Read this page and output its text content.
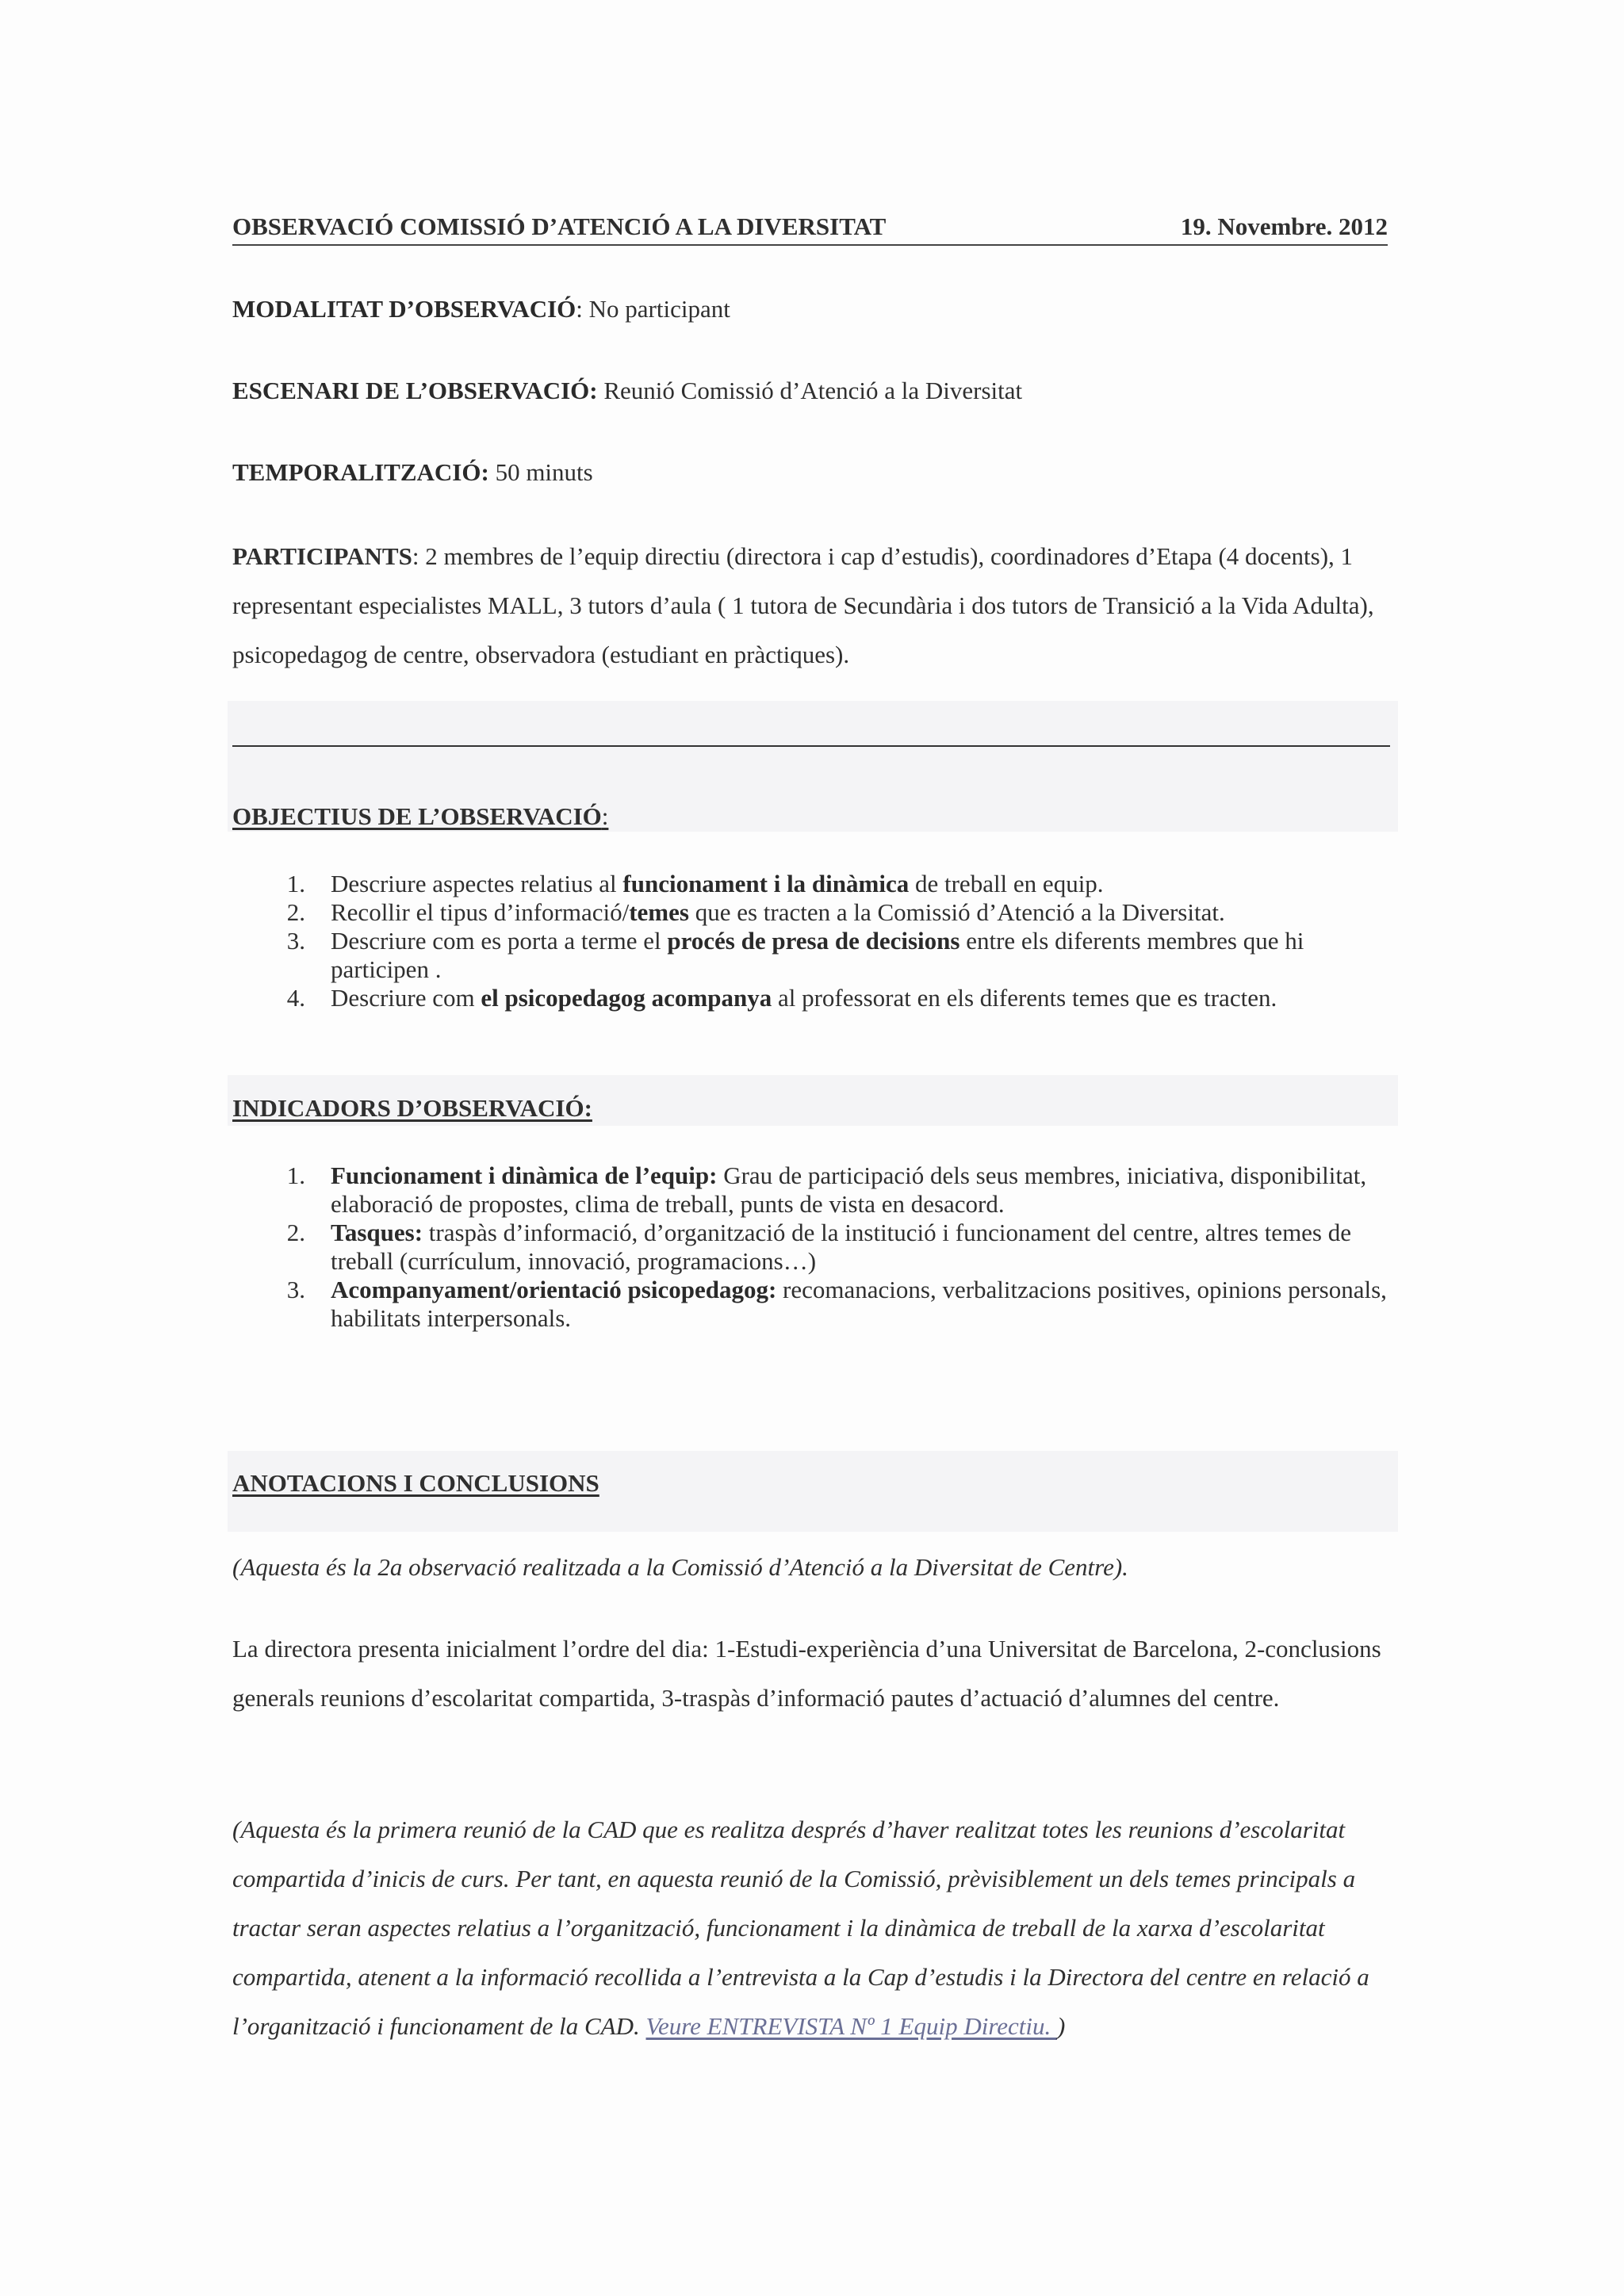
OBSERVACIÓ COMISSIÓ D’ATENCIÓ A LA DIVERSITAT	19. Novembre. 2012
MODALITAT D’OBSERVACIÓ: No participant
ESCENARI DE L’OBSERVACIÓ: Reunió Comissió d’Atenció a la Diversitat
TEMPORALITZACIÓ: 50 minuts
PARTICIPANTS: 2 membres de l’equip directiu (directora i cap d’estudis), coordinadores d’Etapa (4 docents), 1 representant especialistes MALL, 3 tutors d’aula ( 1 tutora de Secundària i dos tutors de Transició a la Vida Adulta), psicopedagog de centre, observadora (estudiant en pràctiques).
OBJECTIUS DE L’OBSERVACIÓ:
1.	Descriure aspectes relatius al funcionament i la dinàmica de treball en equip.
2.	Recollir el tipus d’informació/temes que es tracten a la Comissió d’Atenció a la Diversitat.
3.	Descriure com es porta a terme el procés de presa de decisions entre els diferents membres que hi participen .
4.	Descriure com el psicopedagog acompanya al professorat en els diferents temes que es tracten.
INDICADORS D’OBSERVACIÓ:
1.	Funcionament i dinàmica de l’equip: Grau de participació dels seus membres, iniciativa, disponibilitat, elaboració de propostes, clima de treball, punts de vista en desacord.
2.	Tasques: traspàs d’informació, d’organització de la institució i funcionament del centre, altres temes de treball (currículum, innovació, programacions…)
3.	Acompanyament/orientació psicopedagog: recomanacions, verbalitzacions positives, opinions personals, habilitats interpersonals.
ANOTACIONS I CONCLUSIONS
(Aquesta és la 2a observació realitzada a la Comissió d’Atenció a la Diversitat de Centre).
La directora presenta inicialment l’ordre del dia: 1-Estudi-experiència d’una Universitat de Barcelona, 2-conclusions generals reunions d’escolaritat compartida, 3-traspàs d’informació pautes d’actuació d’alumnes del centre.
(Aquesta és la primera reunió de la CAD que es realitza després d’haver realitzat totes les reunions d’escolaritat compartida d’inicis de curs. Per tant, en aquesta reunió de la Comissió, prèvisiblement un dels temes principals a tractar seran aspectes relatius a l’organització, funcionament i la dinàmica de treball de la xarxa d’escolaritat compartida, atenent a la informació recollida a l’entrevista a la Cap d’estudis i la Directora del centre en relació a l’organització i funcionament de la CAD. Veure ENTREVISTA Nº 1 Equip Directiu. )
